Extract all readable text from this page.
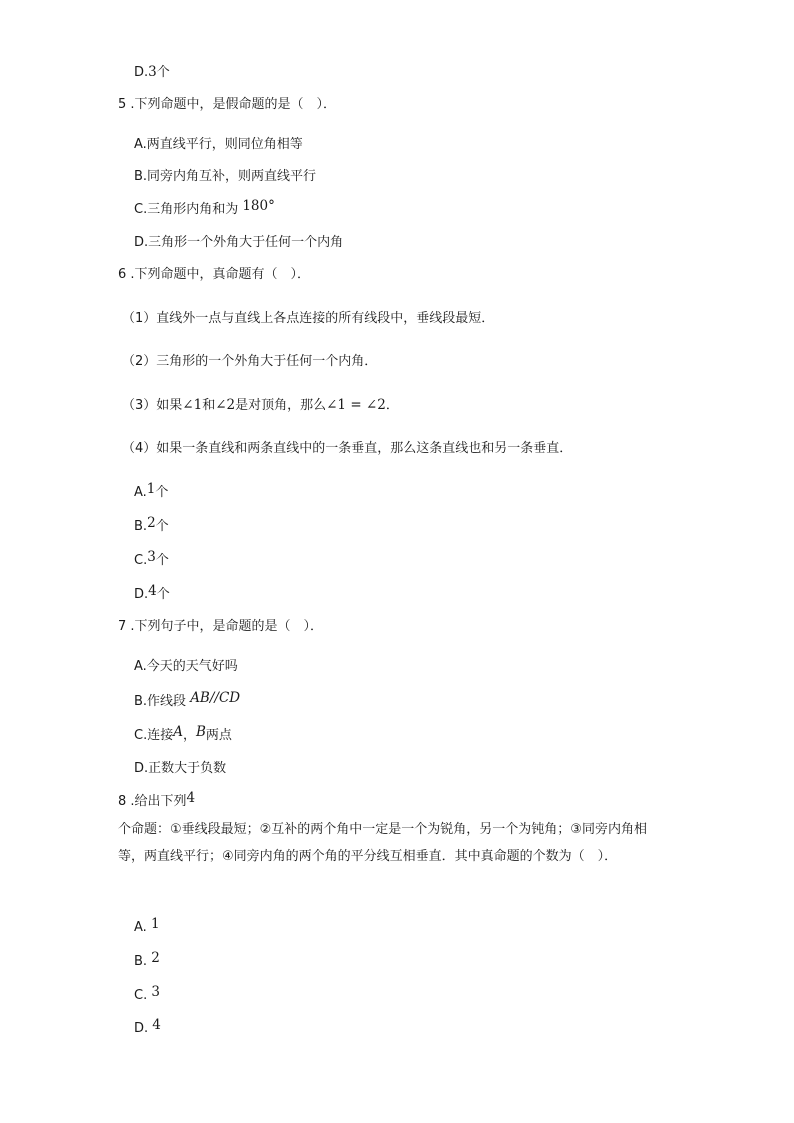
D.3个
5 .下列命题中，是假命题的是（　）．
A.两直线平行，则同位角相等
B.同旁内角互补，则两直线平行
C.三角形内角和为 180°
D.三角形一个外角大于任何一个内角
6 .下列命题中，真命题有（　）．
（1）直线外一点与直线上各点连接的所有线段中，垂线段最短．
（2）三角形的一个外角大于任何一个内角．
（3）如果∠1和∠2是对顶角，那么∠1 = ∠2．
（4）如果一条直线和两条直线中的一条垂直，那么这条直线也和另一条垂直．
A.1个
B.2个
C.3个
D.4个
7 .下列句子中，是命题的是（　）．
A.今天的天气好吗
B.作线段 AB//CD
C.连接A，B两点
D.正数大于负数
8 .给出下列4
个命题：①垂线段最短；②互补的两个角中一定是一个为锐角，另一个为钝角；③同旁内角相等，两直线平行；④同旁内角的两个角的平分线互相垂直．其中真命题的个数为（　）．
A. 1
B. 2
C. 3
D. 4
